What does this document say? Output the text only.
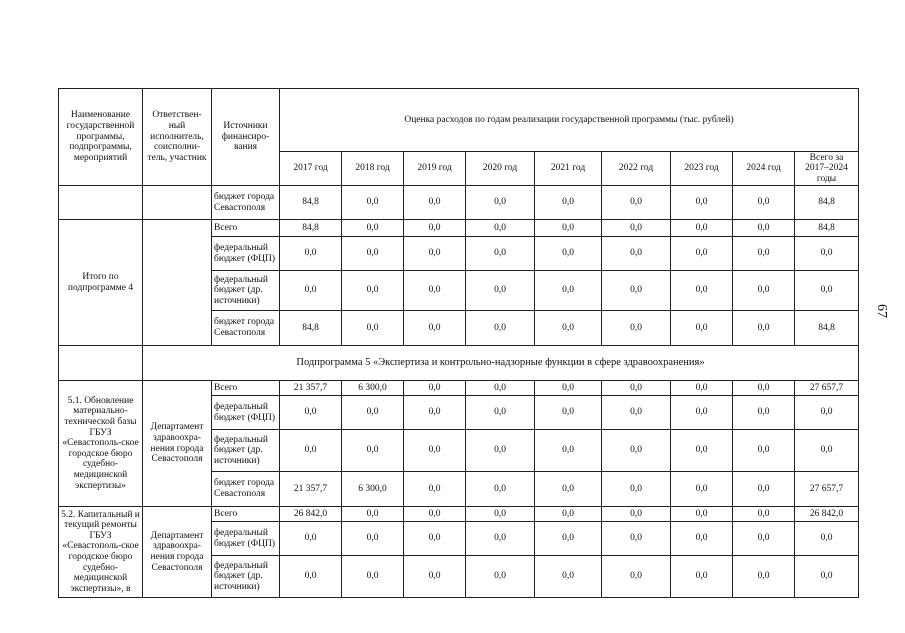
Наименование государственной программы, подпрограммы, мероприятий	Ответствен-ный исполнитель, соисполни-тель, участник	Источники финансиро-вания	Оценка расходов по годам реализации государственной программы (тыс. рублей)								
			2017 год	2018 год	2019 год	2020 год	2021 год	2022 год	2023 год	2024 год	Всего за 2017–2024 годы
		бюджет города Севастополя	84,8	0,0	0,0	0,0	0,0	0,0	0,0	0,0	84,8
Итого по подпрограмме 4		Всего	84,8	0,0	0,0	0,0	0,0	0,0	0,0	0,0	84,8
		федеральный бюджет (ФЦП)	0,0	0,0	0,0	0,0	0,0	0,0	0,0	0,0	0,0
		федеральный бюджет (др. источники)	0,0	0,0	0,0	0,0	0,0	0,0	0,0	0,0	0,0
		бюджет города Севастополя	84,8	0,0	0,0	0,0	0,0	0,0	0,0	0,0	84,8
	Подпрограмма 5 «Экспертиза и контрольно-надзорные функции в сфере здравоохранения»										
5.1. Обновление материально-технической базы ГБУЗ «Севастополь-ское городское бюро судебно-медицинской экспертизы»	Департамент здравоохра-нения города Севастополя	Всего	21 357,7	6 300,0	0,0	0,0	0,0	0,0	0,0	0,0	27 657,7
		федеральный бюджет (ФЦП)	0,0	0,0	0,0	0,0	0,0	0,0	0,0	0,0	0,0
		федеральный бюджет (др. источники)	0,0	0,0	0,0	0,0	0,0	0,0	0,0	0,0	0,0
		бюджет города Севастополя	21 357,7	6 300,0	0,0	0,0	0,0	0,0	0,0	0,0	27 657,7
5.2. Капитальный и текущий ремонты ГБУЗ «Севастополь-ское городское бюро судебно-медицинской экспертизы», в	Департамент здравоохра-нения города Севастополя	Всего	26 842,0	0,0	0,0	0,0	0,0	0,0	0,0	0,0	26 842,0
		федеральный бюджет (ФЦП)	0,0	0,0	0,0	0,0	0,0	0,0	0,0	0,0	0,0
		федеральный бюджет (др. источники)	0,0	0,0	0,0	0,0	0,0	0,0	0,0	0,0	0,0
67
